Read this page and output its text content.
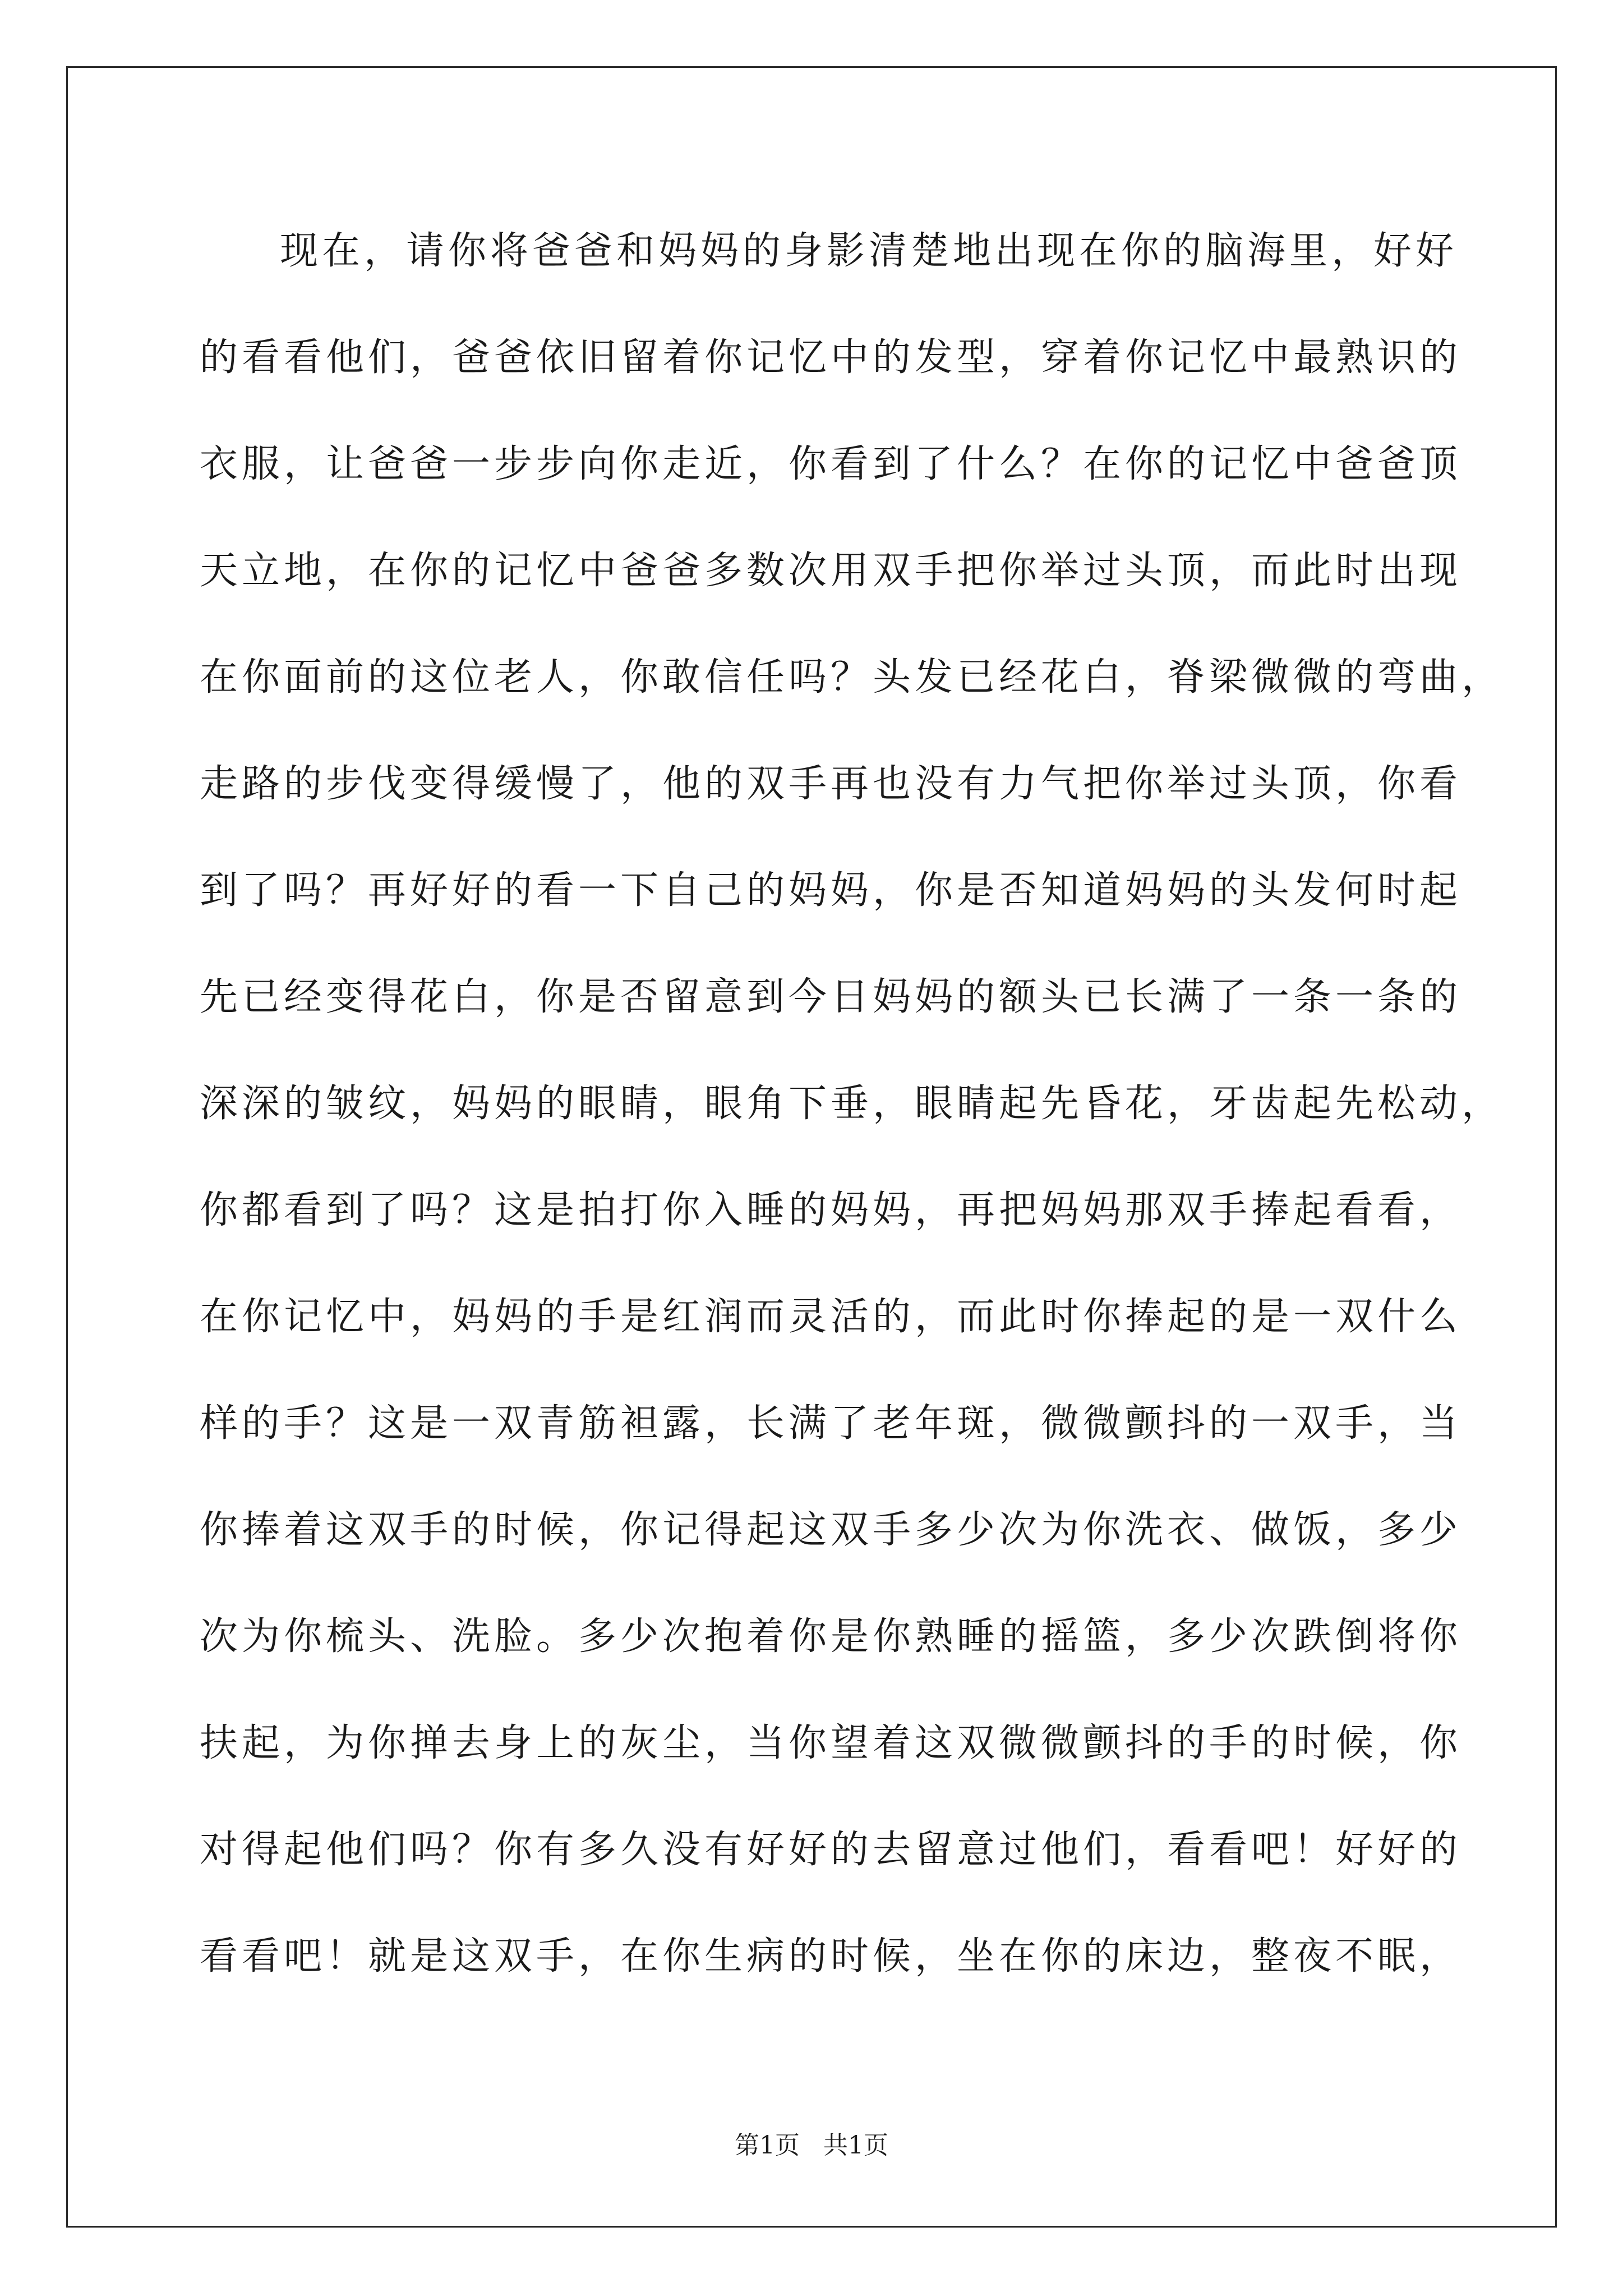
现在，请你将爸爸和妈妈的身影清楚地出现在你的脑海里，好好
的看看他们，爸爸依旧留着你记忆中的发型，穿着你记忆中最熟识的
衣服，让爸爸一步步向你走近，你看到了什么？在你的记忆中爸爸顶
天立地，在你的记忆中爸爸多数次用双手把你举过头顶，而此时出现
在你面前的这位老人，你敢信任吗？头发已经花白，脊梁微微的弯曲，
走路的步伐变得缓慢了，他的双手再也没有力气把你举过头顶，你看
到了吗？再好好的看一下自己的妈妈，你是否知道妈妈的头发何时起
先已经变得花白，你是否留意到今日妈妈的额头已长满了一条一条的
深深的皱纹，妈妈的眼睛，眼角下垂，眼睛起先昏花，牙齿起先松动，
你都看到了吗？这是拍打你入睡的妈妈，再把妈妈那双手捧起看看，
在你记忆中，妈妈的手是红润而灵活的，而此时你捧起的是一双什么
样的手？这是一双青筋袒露，长满了老年斑，微微颤抖的一双手，当
你捧着这双手的时候，你记得起这双手多少次为你洗衣、做饭，多少
次为你梳头、洗脸。多少次抱着你是你熟睡的摇篮，多少次跌倒将你
扶起，为你掸去身上的灰尘，当你望着这双微微颤抖的手的时候，你
对得起他们吗？你有多久没有好好的去留意过他们，看看吧！好好的
看看吧！就是这双手，在你生病的时候，坐在你的床边，整夜不眠，
第1页   共1页
